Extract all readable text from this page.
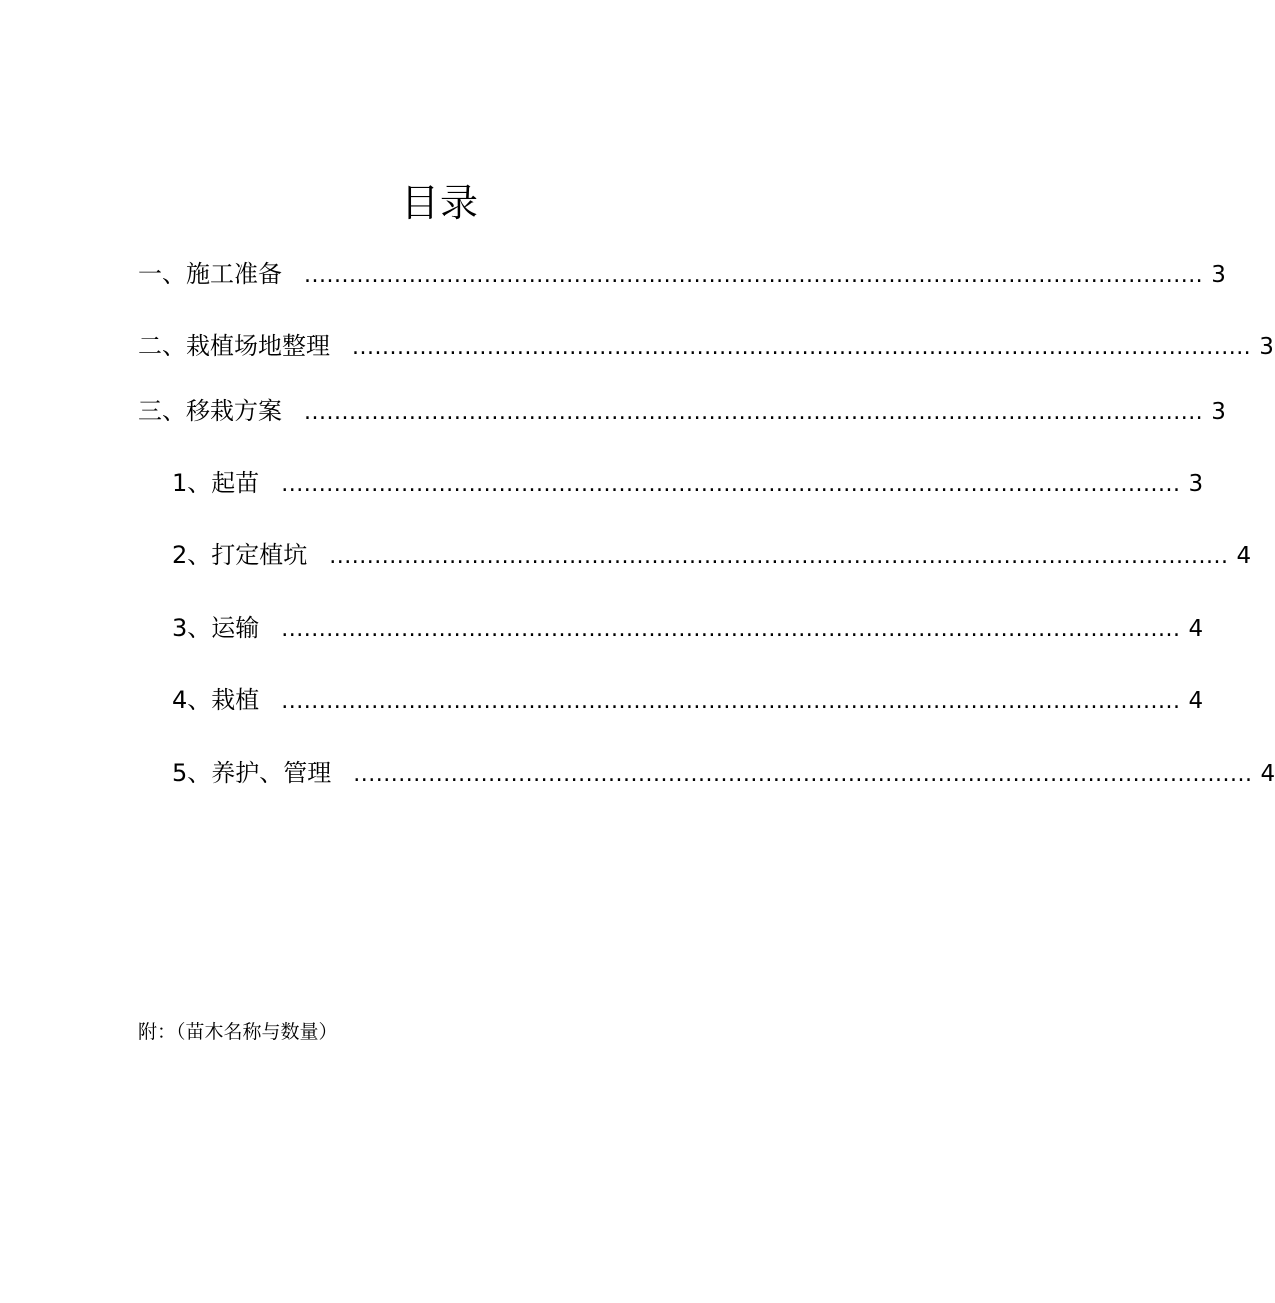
目录
一、施工准备 ........................................................................................................................ 3
二、栽植场地整理 ........................................................................................................................ 3
三、移栽方案 ........................................................................................................................ 3
1、起苗 ........................................................................................................................ 3
2、打定植坑 ........................................................................................................................ 4
3、运输 ........................................................................................................................ 4
4、栽植 ........................................................................................................................ 4
5、养护、管理 ........................................................................................................................ 4
附：（苗木名称与数量）
